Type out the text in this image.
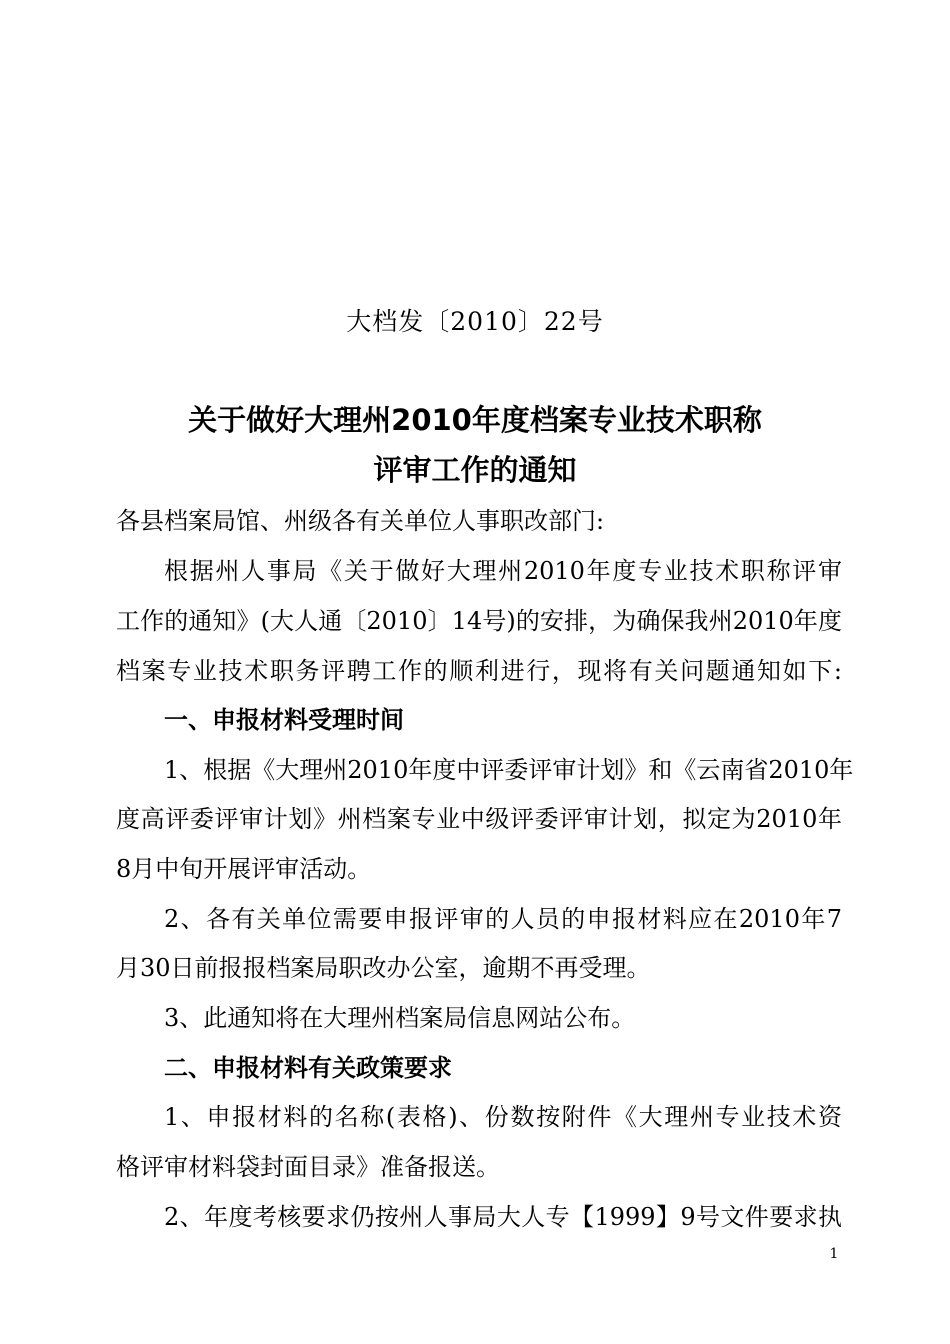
大档发〔2010〕22号
关于做好大理州2010年度档案专业技术职称
评审工作的通知
各县档案局馆、州级各有关单位人事职改部门:
根据州人事局《关于做好大理州2010年度专业技术职称评审
工作的通知》(大人通〔2010〕14号)的安排，为确保我州2010年度
档案专业技术职务评聘工作的顺利进行，现将有关问题通知如下:
一、申报材料受理时间
1、根据《大理州2010年度中评委评审计划》和《云南省2010年
度高评委评审计划》州档案专业中级评委评审计划，拟定为2010年
8月中旬开展评审活动。
2、各有关单位需要申报评审的人员的申报材料应在2010年7
月30日前报报档案局职改办公室，逾期不再受理。
3、此通知将在大理州档案局信息网站公布。
二、申报材料有关政策要求
1、申报材料的名称(表格)、份数按附件《大理州专业技术资
格评审材料袋封面目录》准备报送。
2、年度考核要求仍按州人事局大人专【1999】9号文件要求执
1
